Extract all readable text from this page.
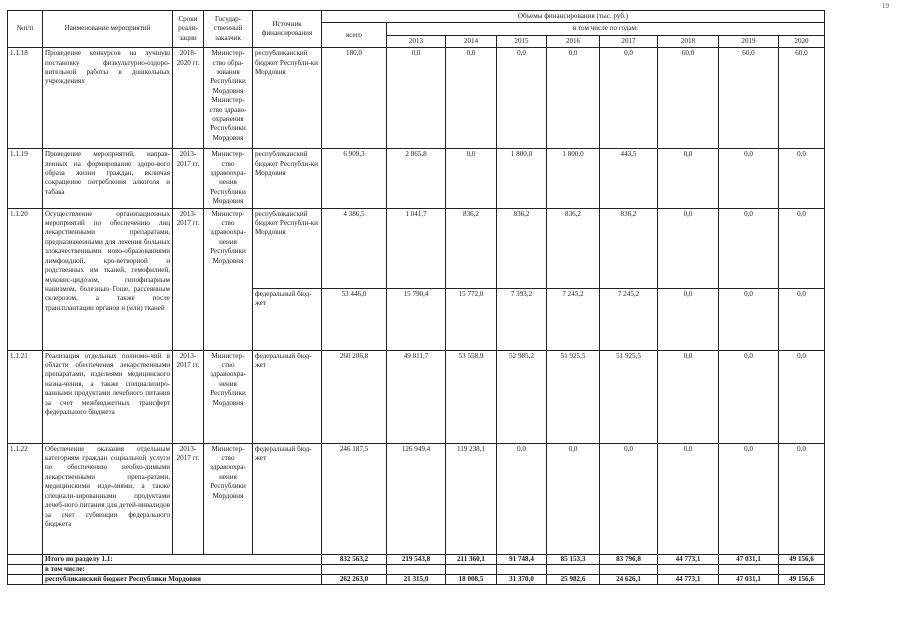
19
№п/п	Наименование мероприятий	Сроки реали-зации	Государ-ственный заказчик	Источник финансирования	Объемы финансирования (тыс. руб.)								
					всего	в том числе по годам:							
						2013	2014	2015	2016	2017	2018	2019	2020
1.1.18	Проведение конкурсов на лучшую постановку физкультурно-оздоро-вительной работы в дошкольных учреждениях	2018-2020 гг.	Министер-ство обра-зования Республики Мордовия Министер-ство здраво-охранения Республики Мордовия	республиканский бюджет Республи-ки Мордовия	180,0	0,0	0,0	0,0	0,0	0,0	60,0	60,0	60,0
1.1.19	Проведение мероприятий, направ-ленных на формирование здоро-вого образа жизни граждан, включая сокращение потребления алкоголя и табака	2013-2017 гг.	Министер-ство здравоохра-нения Республики Мордовия	республиканский бюджет Республи-ки Мордовия	6 909,3	2 865,8	0,0	1 800,0	1 800,0	443,5	0,0	0,0	0,0
1.1.20	Осуществление организационных мероприятий по обеспечению лиц лекарственными препаратами, предназначенными для лечения больных злокачественными ново-образованиями лимфоидной, кро-ветворной и родственных им тканей, гемофилией, муковис-цидозом, гипофизарным нанизмом, болезнью Гоше, рассеянным склерозом, а также после трансплантации органов и (или) тканей	2013-2017 гг.	Министер-ство здравоохра-нения Республики Мордовия	республиканский бюджет Республи-ки Мордовия	4 386,5	1 041,7	836,2	836,2	836,2	836,2	0,0	0,0	0,0
				федеральный бюд-жет	53 446,0	15 790,4	15 772,0	7 393,2	7 245,2	7 245,2	0,0	0,0	0,0
1.1.21	Реализация отдельных полномо-чий в области обеспечения лекарственными препаратами, изделиями медицинского назна-чения, а также специализиро-ванными продуктами лечебного питания за счет межбюджетных трансферт федерального бюджета	2013-2017 гг.	Министер-ство здравоохра-нения Республики Мордовия	федеральный бюд-жет	260 206,8	49 811,7	53 558,9	52 985,2	51 925,5	51 925,5	0,0	0,0	0,0
1.1.22	Обеспечение оказания отдельным категориям граждан социальной услуги по обеспечению необхо-димыми лекарственными препа-ратами, медицинскими изде-лиями, а также специали-зированными продуктами лечеб-ного питания для детей-инвалидов за счет субвенции федерального бюджета	2013-2017 гг.	Министер-ство здравоохра-нения Республики Мордовия	федеральный бюд-жет	246 187,5	126 949,4	119 238,1	0,0	0,0	0,0	0,0	0,0	0,0
	Итого по разделу 1.1:				832 563,2	219 543,8	211 360,1	91 748,4	85 153,3	83 796,8	44 773,1	47 031,1	49 156,6
	в том числе:												
	республиканский бюджет Республики Мордовия				262 263,0	21 315,0	18 008,5	31 370,0	25 982,6	24 626,1	44 773,1	47 031,1	49 156,6
